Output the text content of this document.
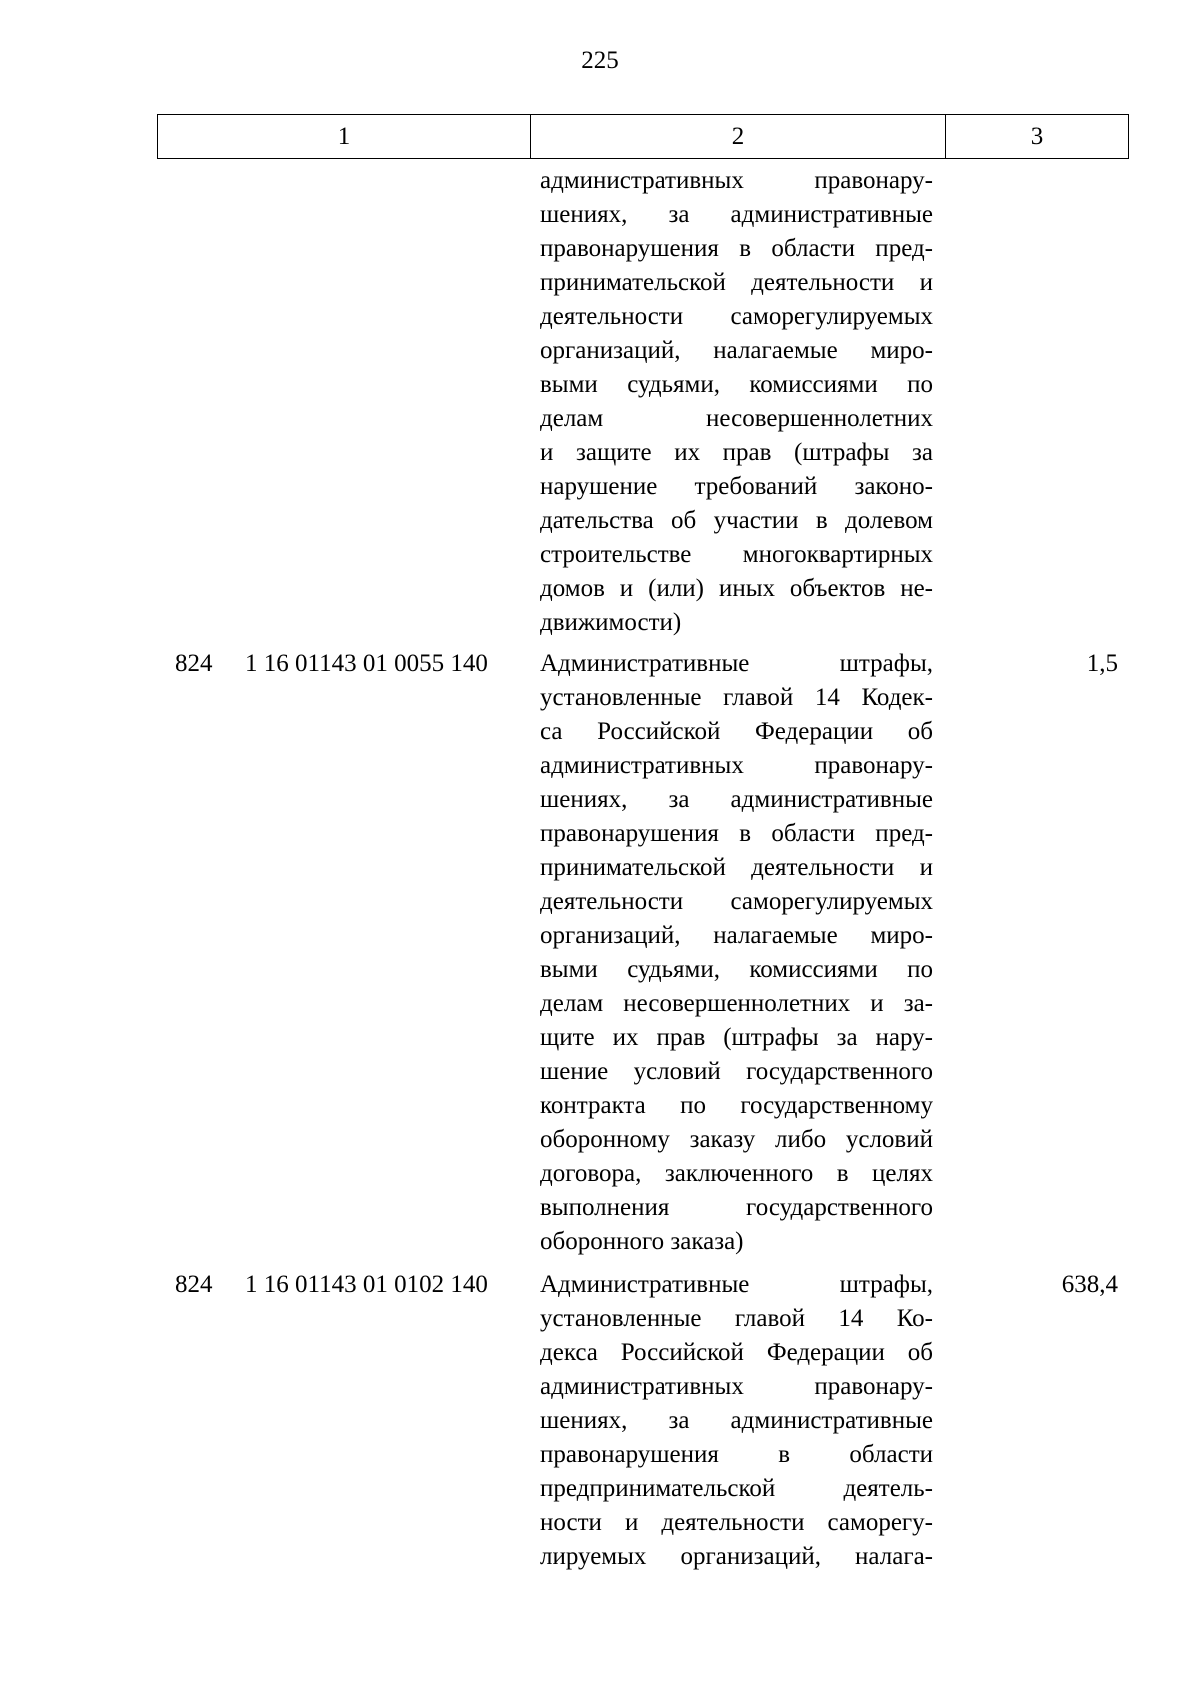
225
1	2	3
административных правонару-
шениях, за административные
правонарушения в области пред-
принимательской деятельности и
деятельности саморегулируемых
организаций, налагаемые миро-
выми судьями, комиссиями по
делам несовершеннолетних
и защите их прав (штрафы за
нарушение требований законо-
дательства об участии в долевом
строительстве многоквартирных
домов и (или) иных объектов не-
движимости)
824 1 16 01143 01 0055 140 Административные штрафы,
установленные главой 14 Кодек-
са Российской Федерации об
административных правонару-
шениях, за административные
правонарушения в области пред-
принимательской деятельности и
деятельности саморегулируемых
организаций, налагаемые миро-
выми судьями, комиссиями по
делам несовершеннолетних и за-
щите их прав (штрафы за нару-
шение условий государственного
контракта по государственному
оборонному заказу либо условий
договора, заключенного в целях
выполнения государственного
оборонного заказа)
1,5
824 1 16 01143 01 0102 140 Административные штрафы,
установленные главой 14 Ко-
декса Российской Федерации об
административных правонару-
шениях, за административные
правонарушения в области
предпринимательской деятель-
ности и деятельности саморегу-
лируемых организаций, налага-
638,4
